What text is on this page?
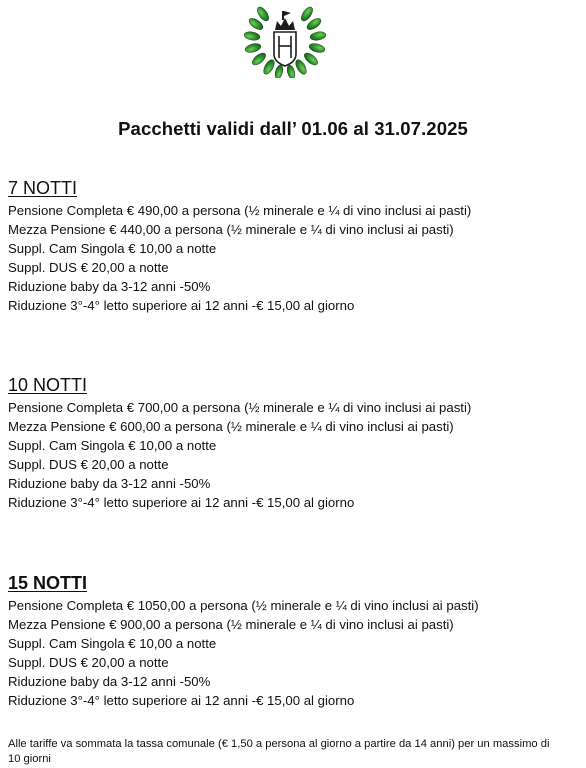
Pacchetti validi dall’ 01.06 al 31.07.2025
7 NOTTI
Pensione Completa € 490,00 a persona (½ minerale e ¼ di vino inclusi ai pasti)
Mezza Pensione € 440,00 a persona (½ minerale e ¼ di vino inclusi ai pasti)
Suppl. Cam Singola € 10,00 a notte
Suppl. DUS € 20,00 a notte
Riduzione baby da 3-12 anni -50%
Riduzione 3°-4° letto superiore ai 12 anni -€ 15,00 al giorno
10 NOTTI
Pensione Completa € 700,00 a persona (½ minerale e ¼ di vino inclusi ai pasti)
Mezza Pensione € 600,00 a persona (½ minerale e ¼ di vino inclusi ai pasti)
Suppl. Cam Singola € 10,00 a notte
Suppl. DUS € 20,00 a notte
Riduzione baby da 3-12 anni -50%
Riduzione 3°-4° letto superiore ai 12 anni -€ 15,00 al giorno
15 NOTTI
Pensione Completa € 1050,00 a persona (½ minerale e ¼ di vino inclusi ai pasti)
Mezza Pensione € 900,00 a persona (½ minerale e ¼ di vino inclusi ai pasti)
Suppl. Cam Singola € 10,00 a notte
Suppl. DUS € 20,00 a notte
Riduzione baby da 3-12 anni -50%
Riduzione 3°-4° letto superiore ai 12 anni -€ 15,00 al giorno
Alle tariffe va sommata la tassa comunale (€ 1,50 a persona al giorno a partire da 14 anni) per un massimo di
10 giorni
